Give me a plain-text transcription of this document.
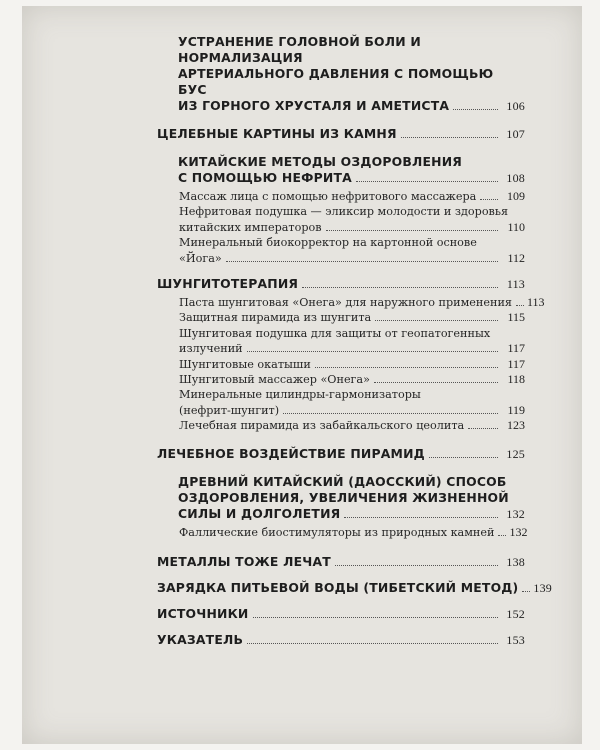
УСТРАНЕНИЕ ГОЛОВНОЙ БОЛИ И НОРМАЛИЗАЦИЯ
АРТЕРИАЛЬНОГО ДАВЛЕНИЯ С ПОМОЩЬЮ БУС
ИЗ ГОРНОГО ХРУСТАЛЯ И АМЕТИСТА	106
ЦЕЛЕБНЫЕ КАРТИНЫ ИЗ КАМНЯ	107
КИТАЙСКИЕ МЕТОДЫ ОЗДОРОВЛЕНИЯ
С ПОМОЩЬЮ НЕФРИТА	108
Массаж лица с помощью нефритового массажера	109
Нефритовая подушка — эликсир молодости и здоровья
китайских императоров	110
Минеральный биокорректор на картонной основе
«Йога»	112
ШУНГИТОТЕРАПИЯ	113
Паста шунгитовая «Онега» для наружного применения 113
Защитная пирамида из шунгита	115
Шунгитовая подушка для защиты от геопатогенных
излучений	117
Шунгитовые окатыши	117
Шунгитовый массажер «Онега»	118
Минеральные цилиндры-гармонизаторы
(нефрит-шунгит)	119
Лечебная пирамида из забайкальского цеолита	123
ЛЕЧЕБНОЕ ВОЗДЕЙСТВИЕ ПИРАМИД	125
ДРЕВНИЙ КИТАЙСКИЙ (ДАОССКИЙ) СПОСОБ
ОЗДОРОВЛЕНИЯ, УВЕЛИЧЕНИЯ ЖИЗНЕННОЙ
СИЛЫ И ДОЛГОЛЕТИЯ	132
Фаллические биостимуляторы из природных камней 132
МЕТАЛЛЫ ТОЖЕ ЛЕЧАТ	138
ЗАРЯДКА ПИТЬЕВОЙ ВОДЫ (ТИБЕТСКИЙ МЕТОД) 139
ИСТОЧНИКИ	152
УКАЗАТЕЛЬ	153
